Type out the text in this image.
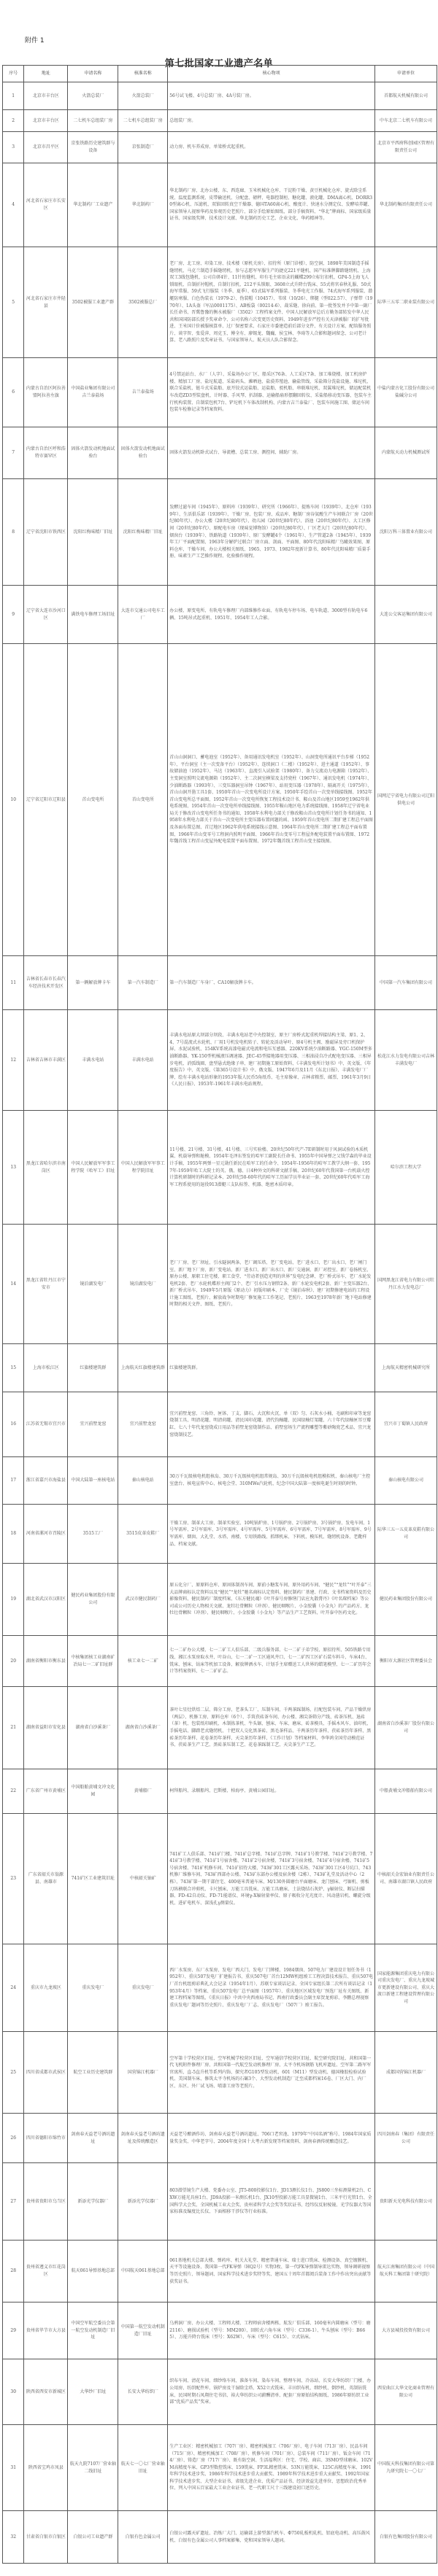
附件 1
第七批国家工业遗产名单
序号	地址	申请名称	核准名称	核心物项	申请单位
1	北京市丰台区	火箭总装厂	火箭总装厂	56号试飞楼、4号总装厂房、4A号装厂房。	首都航天机械有限公司
2	北京市丰台区	二七机车总组装厂房	二七机车总组装厂房	总组装厂房。	中车北京二七机车有限公司
3	北京市昌平区	京张铁路历史建筑群与设备	京张制造厂	动力房、机车养成房、单梁桥式起重机。	北京市平西府科创园区管理有限责任公司
4	河北省石家庄市长安区	华北制药厂工业遗产	华北制药厂	华北制药厂房、北办公楼、东、西连廊、玉米机械化仓库、干淀粉干燥、黄豆机械化仓库、旋式除尘系统、温度监测系统、皮带输送机、分配盘、磅秤、电器控制柜、糖化罐、液化罐、DMA离心机、DORR30型离心机、压滤机、双锥回转真空干燥器、德国TA60离心机、酸度计、快速水分测定仪、发酵培养罐、国家领导人视察华药及参观历史老照片、部分手绘原始图纸、部分手稿资料、“华北”牌商标、国家级质量证书、国家级奖牌、技术设计文献、华北制药历史工艺、企业文化、华药精神等。	华北制药集团有限责任公司
5	河北省石家庄市井陉县	3502被服工业遗产群	3502被服总厂	老厂房、北工房、印染工房、技术楼（原机关房）、招待所（原门诊楼）、防空洞、1898年美国制造手摇缝纫机、马克兰制造手摇缝纫机、参与志愿军军服生产的捷克221平缝机、国产标准牌脚踏缝纫机、上海双工3线包缝机、公司自研4针、11针绗缝机、印有毛主席语录的蝴蝶299立标钉扣机、GP4-5上海飞人锁眼机、自制折衬帽机、自制钉扣机、212平头锁眼、3608立式升降台铣床、55式将官春秋礼服、50式海军常服、59式飞行服装（冬季、夏季）、65式陆军系列服装、冬季电光工作服、74式海军系列服装、潜艇防寒服、白色伪装衣（1979-2）、伪装帽（10457）、苇球（10/26）、绑腿（型022.57）、子弹带（1970年）、1A头盔（军品0001175）、AB板袋（00214-6）、裁采缝、徐向前、第一批签发并予中第一副厂长任命书、晋冀鲁豫的衡水被服厂（3502）工程档案文件、中国人民解放军总后方勤务部转发中华人民共和国国防部长授予奖章命令、公司名称六次变更历史资料、1949年进步严控有关天津被服厂的扩写批进、王米国计价被服核算单、过厂保密要求、石家庄市委建造前后部分文件、有关设计方案、配给服务照片、谈字智、张爱萍、周克玉、傅全有、廖锡龙、魏巍、侯宝林、李琦等人合影和题词留念、公司老计算、老八路照片及奖章证书、与国家领导人、航天员人队合影留念。	际华三五零二职业装有限公司
6	内蒙古自治区阿拉善盟阿拉善左旗	中国盐业集团有限公司吉兰泰盐场	吉兰泰盐场	4号禁运站台、水厂（人字）、采盐场办公厂区、船采区76条、人工采区7条、加工堆烧楼、加工机房炉楼、精加工厂房、盐坨航道、采盐码头、滩晒池、盐漠养殖池、输盐管线、采盐筛分洗盐设施、堆坨机、联合采盐机、链斗式采盐船、底开铰式运盐船、运盐船、驳机船、串联堆坨机、双翼堆坨机、储运配装机车改造ZD3型装盘机、计时器、手风琴、扒制器、运输船扇形摆翻回转仪、采盐船移动变压器、包装车主行机构装置、自制装包机7台、铲坨机下车体改制机构、内蒙古吉兰泰盐厂、包装车间施工图、储运车间包装车检修记录等档案资料。	中盐内蒙古化工股份有限公司盐碱分公司
7	内蒙古自治区呼和浩特市赛罕区	固体火箭发动机地面试验台	固体火箭发动机地面试验台	固体火箭发动机卧式试台、导流槽、总装工房、测控间、辅助厂房。	内蒙航天动力机械测试所
8	辽宁省沈阳市铁西区	沈阳红梅味精厂旧址	沈阳红梅味精厂旧址	发酵过滤车间（1945年）、原料库（1939年）、研究所（1966年）、提炼车间（1939年）、北仓库（1939年）、生活俱乐部（1939年）、干燥厂房、包装厂房、成品库、糖制厂房谷氨酸生产车间联合厂房（20世纪80年代）、办公大楼（20世纪80年代）、幼儿园（20世纪80年代）、浴池（20世纪80年代）、大工区修间（20世纪80年代）、原配电车房（现味觉博物馆）（20世纪80年代）、厂区老大门（20世纪80年代）、烟囱台（1939年）、铁路轨道（1939年）、原厂发酵罐4个（1961年）、生产管道2条（1945年）、1939年工厂平面配置图、1963年分解炉过联合厂房立面、剖面、平面图、80年代沈阳味精厂鸟瞰效果图、原料仓库、干燥车间、办公大楼相关图纸、1965、1973、1982年度新计算书、80年代沈阳味精厂质量手册、味素生产工艺操作规程、化验操作规程。	沈阳万科三体置业有限公司
9	辽宁省大连市沙河口区	满铁电车修理工场旧址	大连市交通公司电车工厂	办公楼、原变电所、有轨电车修理厂内部维修作业面、有轨电车停车场、电车轨道、3000型有轨电车6辆、15吨吊式起重机、1951年、1954年工人合影。	大连公交客运集团有限公司
10	辽宁省辽阳市辽阳县	首山变电所	首山变电所	首山山洞洞口、蓄电池室（1952年）、备用通讯发电机室（1952年）、山洞变电所通讯平台步梯（1952年）、平台洞室（主一次变备平台）（1952年）、连续洞口（二楼）（1952年）、进主通道（1952年）、事故储油池（1952年）、马达（1963年）、直流引入试验架（1980年）、备力交流动力电源箱（1952年）、主变洞室照明交流电源箱（1952年）、主二次洞室横梁及支持瓷柱（1967年）、通讯发电机（1974年）、少油断路器（1993年）、三变压器洞室吊钟（1967年）、站用变压器（1978年）、隔离开关（1975年）、首山山洞开凿工具1套、1950年首山一次变电所设计方案、1950年手绘首山一次变单线接线图、1952年首山变电所总平面图、1952年首山一次变电所恢复工程技术设计书、鞍山及首山地区1959至1962年供电系统图、1954年首山一次变电所单线接线图、1955年鞍山地区电力系统接线图、1958年辽宁省电业局关于修改首山变电所任务书的通知、1958年水利电力部关于修改鞍山首山变电所计划任务书的通知、1958年水利电力部关于首山一次变电所主变压器布置问题的函、1959年首山变电所二期扩建工程总平面图及各面布置总图、首辽地区1962年供电系统接线示意图、1964年首山变电所二期扩建工程总平面布置图、1966年首山变零号工程洞内照明平面图、1966年首山变零号工程屋外配电装置平面布置图、1972年魏首线工程首山变屋外配电装置平面布置图、1972年魏首线工程首山变主接线图。	国网辽宁省电力有限公司辽阳供电公司
11	吉林省长春市长春汽车经济技术开发区	第一辆解放牌卡车	第一汽车制造厂	第一汽车制造厂车身厂、CA10解放牌卡车。	中国第一汽车集团有限公司
12	吉林省吉林市丰满区	丰满水电站	丰满水电站	丰满水电站原大坝部分坝段、丰满水电站老中央控制室、原主厂房桥式起重机焊接结构主梁、原1、2、4、7号混流式水轮机、厂用1号机发电机转子、转轮及活动导叶、原4号机主阀、励磁屏及旁口机保护屏、水泥试验机、154KV系统高漆电磁式电流和电压互感器、220KV系统少油断路器、YGC-150M型多油断路器、YK-150型机械液压调速器、JEC-45型接地器用变压器、三相油浸自冷式配电变压器、三相异步电机、消弧线圈、盘型悬式绝缘子串、建厂初期施工原始资料、《丰满发电所计划书》中、英文版、《年度报告》中、英文版、《第365号设计书》中、俄文版、1947年6月及11月《东北日报》、丰满发电厂厂牌、绘有丰满水电站形象的1953年版人民币5角纸币、毛主席像章、吉林省粮票、邮票、1961年3月9日《人民日报》、1953年-1961年丰满水电站规程。	松花江水力发电有限公司吉林丰满发电厂
13	黑龙江省哈尔滨市南岗区	中国人民解放军军事工程学院（哈军工）旧址	中国人民解放军军事工程学院旧址	11号楼、21号楼、31号楼、41号楼、三号实验楼、20世纪50年代产-7E研制时用于风洞试验的木质机翼、机载导弹和舱模、1954年毛泽东签发的哈军工副院长任命书、1955年中国导弹之父钱学森的毕业设计手稿、1955年两弹一星元勋任新民在哈军工的任命令、1954年-1956年的哈军工教学大纲一套、1957年-1959年哈工大院士的英、俄、德、日4种外文的科研文献手稿、20世纪60年代我国第一台机载火控计算机研制时的科研记录本、20世纪50-60年代的哈军工历届学员毕业证一套、20世纪60年代哈军工海军工程系使用的退役913潜艇三支队标签、机器、绝密木质印章。	哈尔滨工程大学
14	黑龙江省牡丹江市宁安市	镜泊湖发电厂	镜泊湖发电厂	老厂厂房、老厂坝址、引水隧洞两条、老厂调压塔、老厂变电站、老厂进水口、老厂出水口、老厂闸门室、新厂地下厂房、新厂变电站、新厂进水口、新厂出水口、新厂交通洞、新厂对控室、新厂卷扬机室、原办公楼、原职工住宅楼、职工食堂、“劳动者创造光明的世界”发电纪念碑、老厂桥式吊车、老厂水轮发电机2套、老厂水轮机蝶形主阀门2个、老厂引水压力钢管2条、新厂水轮发电机2套、新厂主变压器2台、新厂桥式吊车、1949年5月原版《原动力》初版印刷本、厂史《镜泊春秋》、建厂初期修建电站的工程设计施工图纸、老照片、解放战争时期电厂修复施工工作笔记、老照片、1963至1978年新厂地下电站修建时期的相关文件、图纸、老照片。	国网黑龙江省电力有限公司牡丹江水力发电总厂
15	上海市松江区	红旗楼建筑群	上海航天红旗楼建筑群	红旗楼建筑群。	上海航天精密机械研究所
16	江苏省无锡市宜兴市	宜兴前墅龙窑	宜兴前墅龙窑	宜兴前墅龙窑、三角铃、匣钵、丁支、脚石、大沉和火沉、单（双）匀、石灰水小桶、毛刷和印章等龙窑烧制工具、明清花罐、明清荷罐、清民国印花罐、清代钧釉罐、民国绿釉灯架罐、六十年代绿釉匣耳豆瓣缸、七八十年代龙窑烧成日用品等前墅龙窑烧制作品、前墅窑场生产流程雕塑等紫砂陶瓷艺术品、宜兴龙窑烧制技艺。	宜兴市丁蜀镇人民政府
17	浙江省嘉兴市海盐县	中国大陆第一座核电站	秦山核电站	30万千瓦级核电机组核岛、30万千瓦级核电机组常规岛、30万千瓦级核电机组模拟机、秦山核电厂主控室盘台、核电宣传中心、核电会堂、310MWe汽轮机、纪念中国大陆第一度核电诞生时刻的时钟。	秦山核电有限公司
18	河南省漯河市召陵区	3515工厂	3515皮革皮鞋厂	干燥工房、制革大工房、制革实验室、10吨锅炉房、1号锅炉房、2号锅炉房、3号锅炉房、发电车间、1号军需库、2号军需库、3号军需库、4号军需库、5号军需库、6号军需库、7号军需库、8号军需库、9号军需库、烟囱、大礼堂、水塔、南楼、专用铁路线、抓绑机床、下料机、模压机、缝纫机设备、老靴样品、档案文献。	际华三五一五皮革皮鞋有限公司
19	湖北省武汉市汉阳区	健民药业集团股份有限公司	武汉市健民制药厂	原五化分厂、原原料仓库、原固体制剂车间、原前小糖浆车间、原外用药车间、“健民”“龙牡”“叶开泰”三大品牌商标认定资料以及“健民”“龙牡”驰名商标认定资料、健民制药厂基建、行政、文书档案资料及历史影像资料、健民制药厂制度档案、《东方健民魂》《叶开泰号房修缮门店应丸散膏丹》《叶名琛档案》等公司或公司历史人物相关文献、龙牡壮骨颗粒（冲剂）、健民咽喉片、小金胶囊（小金丸）的产品药方、龙牡壮骨颗粒（冲剂）、健民咽喉片、小金胶囊（小金丸）等产品生产工艺资料、叶开泰中医药文化。	健民药业集团股份有限公司
20	湖南省衡阳市衡东县	中核集团核工业湖南矿冶局七一二矿旧址群	核工业七一二矿	七一二矿办公大楼、七一二矿工人俱乐部、二级兵服务部、七一二矿子弟学校、原招待所、505铁路专用线、湘江水泵房取水井、叶谷山、七一二矿一工区通风井口、七一二矿四工区矿石装车料斗、车床4台、铣床、刨床、钻床等机加工设备、解放牌洒水车、计划手主席赠送工人世界的蜡笔模型、七一二矿历年会计等档案资料、七一二矿矿志。	衡阳市大源社区管理委员会
21	湖南省益阳市安化县	湖南省白沙溪茶厂	湖南省白沙溪茶厂	茶叶七星灶烘焙二层、筛分工房、老茶头工厂、压制车间、千两茶踩制场、打配包装车间、产品干燥烘房（两层）、机修工房、原料仓库（6个）、手筑茯砖茶车间、办公楼、湘尖茶筛分产线、砖茶压机、退砖（茶）机、包装纸印刷机、木制拣茶机、牛头锯、刨床、车床、磨床、砖茶模具、手摇木风车、油印机、手摇电话、脚踏老式缝纫机、十把双人交化黑茶砖、黑毛茶样品、千两茶历年茶样、茯砖茶历年茶样、黑砖茶历年茶样、花卷茶历年茶样、天尖茶历年茶样、《工作计划》等档案材料、李华鸿全国劳动模范证书、茯砖茶生产工艺、黑砖茶压制工艺、花卷茶踩制工艺、天尖茶生产工艺。	湖南省白沙溪茶厂股份有限公司
22	广东省广州市黄埔区	中国船舶黄埔文冲文化园	黄埔船厂	柯拜船坞、录顺船坞、巴斯楼、柏海亭、黄埔公园旧址。	中船黄埔文冲船舶有限公司
23	广东省韶关市翁源县、南雄市	741矿区工业建筑旧址	中核韶关铀矿	741矿工人俱乐部、741矿门楼、741矿总字楼、741矿总字牌、741矿1号教学楼、741矿2号教学楼、741矿3号教学楼、741矿1号宿舍楼、741矿2号宿舍楼、741矿3号宿舍楼、741矿4号宿舍楼、741矿5号宿舍楼、741矿机修车间、741矿招待大楼、743矿301工区露天采场、743矿301工区4号坑口、743机修厂维修车间、743矿西部办公楼、743矿东部办公楼及宿舍楼（2栋）、743矿礼堂及活动中心（2栋）、743矿第一期干部住宅、400毫米普通车床、M/130外圆磨台平面磨床、龙门刨床、弓锯机、剪板刀纵横联合冲剪机、卡尺刨床、万能工具铣床、万能工具磨床、土法烧结石灰炉、γ辐射仪、断层扫描器、FD-42自动仪、FD-71能谱仪、环境γ-X辐射量率仪、原子吸收分光光度计、风动凿岩机、螺旋分级机、进矿电机车、深浅孔γ测量仪。	中核韶关金宏铀业有限责任公司、南雄市湖口镇人民政府
24	重庆市九龙坡区	重庆发电厂	重庆发电厂	西厂水泵房、东厂水泵房、发电厂西大门、发电厂门牌楼、1984烟囱、507电力厂建设设计划任务书（1952年）、重庆507发电厂扩建报告书、重庆507电厂首台12MW机组竣工工程决算技术报告、重庆507电厂首台机组剪彩典礼大会记录（1954年1月）、苏联专家谈话记录、全国专家组长第二次所有谈话记录（1953年4月）等档案、重庆507发电厂总平面图（1957年）、重庆地区区域发电厂预选厂址有关图纸、新建工程档案等图纸、《重庆日报》中共中央西南局书记、西南行政委员会副主席贺龙剪彩、李鹏总理视察重庆发电厂题词等历史照片、重庆发电厂厂志、重庆发电厂（507厂）竣工报告。	国家能源集团重庆电力有限公司重庆发电厂、重庆九龙坡城市更新建设有限公司、重庆大渡口新建工程建设管理有限公司
25	四川省成都市武侯区	航空工业历史建筑群	国营锦江机器厂	空军第十学校营区旧址、空军机械学校营区旧址、空军通信学校营区旧址、航空研究院旧址、共和国第一代飞机附件修理厂房、共和国第一代航空发动机修理厂房、太平寺机场钢筋飞机库遗址、空军第二路军军官寓所、直-5直升机等系列内饰、探究者G105型发动机、601（M11）型发动机、德国橡胶检验试验机、美国制车床、修筑太平寺机场的石碾3个、大型发动机制造厂迁至成都档案16卷、厂区大门、内厂区、东区、外厂试飞场、喷漆工房等老照片。	成都国营锦江机器厂
26	四川省德阳市绵竹市	剑南春天益老号酒坊遗址	剑南春天益老号酒坊遗址及传统酿造区	天益老号酿酒作坊、剑南春天益老号酒坊遗址、706口老窖池、1979年“中国名酒”称号、1984年国家质量奖金奖、中华老字号、2004年度全国十大考古新发现等档案资料、剑南春酒传统酿造技艺。	四川剑南春（集团）有限责任公司
27	贵州省贵阳市乌当区	新添光学仪器厂	新添光学仪器厂	803潜望镜生产大楼、党委办公室、JT5-800投影仪1台、JD13测长仪1台、JS800三坐标测量机2台、CXW万能光具座1台、JD9A投影一米测长机1台、JX10型投影万能工具显微镜1台、三米平行光管1台、全国科学大会奖、全国机械工业大会奖、贵州省科学大会奖等奖状证书、经纬仪反射棱镜、光学仪器大等国家标准及编度比长仪、下面相移干涉仪等行业标准。	贵阳新天光电科技有限公司
28	贵州省遵义市红花岗区	航天061导弹基地总部	中国航天061基地总部	061基地机关总部大楼、弹药库、机关大礼堂、精密普通车床、瑞士进口铣床、检测设备、真空镀膜机、天平等设施设备、我国第一代FK导弹（HQ2号）实物3枚、第一代FK导弹制导雷达实物、领导调研视察等历史照片、领导题词、国家科学技术进步奖特等奖、建国五十周年首都阅兵装备工作中作出突出贡献等获奖证书。	航天江南集团有限公司（中国航天科工集团第十研究院）
29	贵州省毕节市大方县	中国空军航空委员会第一航空发动机制造厂旧址	中国第一航空发动机制造厂旧址	乌鸦洞厂房、办公大楼、工程师大楼、工程师宿舍楼两栋、航发厂俱乐部、160毫米内圆磨床（型号：磨2116）、磨损试验机（型号：MM200）、回转式六角车床（型号：C336-1）、牛头刨床（型号：B665）、万能升降台铣床（型号：X62W）、车床（型号：C615）、立式钻床。	大方县城投投资有限公司
30	陕西省西安市新城区	大华纱厂旧址	长安大华纺织厂	织布车间、清花车间、细纱络车间、准备车间、染布车间、整理车间、冷冻站、长安大华纺织厂门楼、办公用房、纺织配件库、锅炉房及干湿除尘塔、X52立式铣床、丰田织布机、细纱机、倒纱机、英制钻铣床、民国时期石凤翔住宅书信、裕大华纺织公司薪酬清单、配套厂房原始结构图纸、1986年原纺织工业部“优质产品奖”奖章。	西安曲江大华文化商业管理有限公司
31	陕西省宝鸡市凤县	航天九院7107厂营业轴二线旧址	航天七一〇七厂营业轴旧址	生产工业区：精密机械加工（707厂房）、精密机械加工（706厂房）、电子车间（713厂房）、民品车间（715厂房）、精密机械加工（708厂房）、机修车间（701厂房）、总装车间（711厂房）、钣金车间（714厂房）、铸造厂房（717厂房）、既有防空洞、生活福利区：住宅、学校、商店、3SMO型球磨床、102VM高精度车床、GP3型数控铣床、159铣床、FP3L精密铣床、53N万能铣床、125C高精度车床、1991年科学技术进步奖、1986年科学技术进步重大贡献奖、1989年科学技术进步重大贡献奖、1992年国家科学技术进步奖、大型企业证书、省级先进企业、优质产品证书、经济效益先进单位、思想政治优秀单位、列入中国五百家最大工业企业证书、老一代职工尺十三线建设初口述历史。	中国航天科技集团有限公司第九研究院七一〇七厂
32	甘肃省白银市白银区	白银公司工业遗产群	白银有色金属公司	白银公司露天矿遗址、冶炼厂大门、运输部上游型蒸汽机车、Φ750轧板机轧机、铝底电动机、高压鼓风机、白银有色金属公司人事档案影集、党和国家领导人题词。	白银有色集团股份有限公司
